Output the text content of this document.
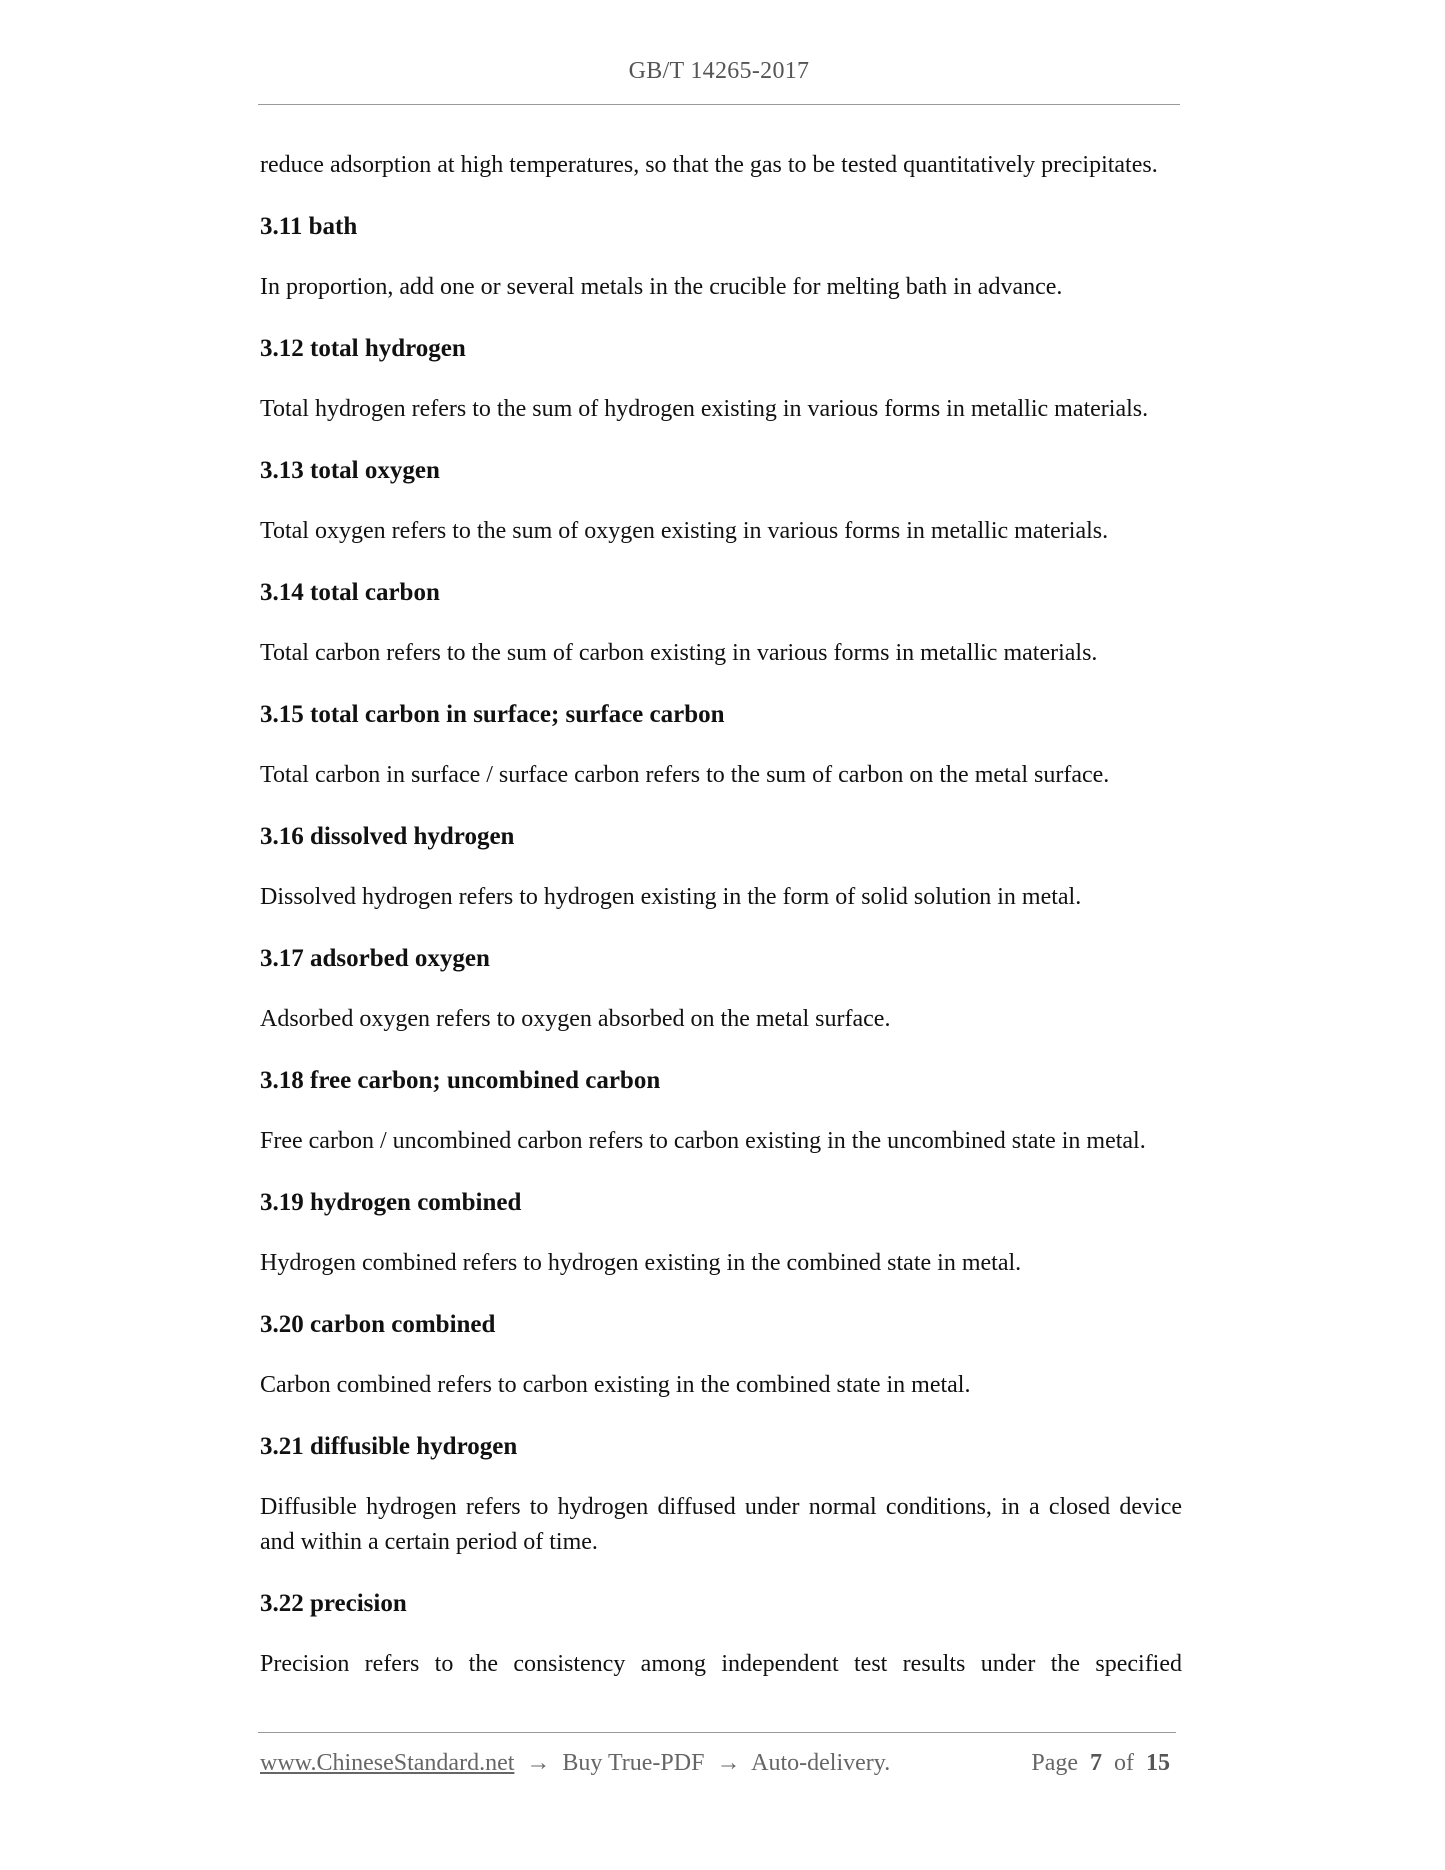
GB/T 14265-2017

reduce adsorption at high temperatures, so that the gas to be tested quantitatively precipitates.

3.11 bath

In proportion, add one or several metals in the crucible for melting bath in advance.

3.12 total hydrogen

Total hydrogen refers to the sum of hydrogen existing in various forms in metallic materials.

3.13 total oxygen

Total oxygen refers to the sum of oxygen existing in various forms in metallic materials.

3.14 total carbon

Total carbon refers to the sum of carbon existing in various forms in metallic materials.

3.15 total carbon in surface; surface carbon

Total carbon in surface / surface carbon refers to the sum of carbon on the metal surface.

3.16 dissolved hydrogen

Dissolved hydrogen refers to hydrogen existing in the form of solid solution in metal.

3.17 adsorbed oxygen

Adsorbed oxygen refers to oxygen absorbed on the metal surface.

3.18 free carbon; uncombined carbon

Free carbon / uncombined carbon refers to carbon existing in the uncombined state in metal.

3.19 hydrogen combined

Hydrogen combined refers to hydrogen existing in the combined state in metal.

3.20 carbon combined

Carbon combined refers to carbon existing in the combined state in metal.

3.21 diffusible hydrogen

Diffusible hydrogen refers to hydrogen diffused under normal conditions, in a closed device and within a certain period of time.

3.22 precision

Precision refers to the consistency among independent test results under the specified

www.ChineseStandard.net → Buy True-PDF → Auto-delivery.	Page 7 of 15
